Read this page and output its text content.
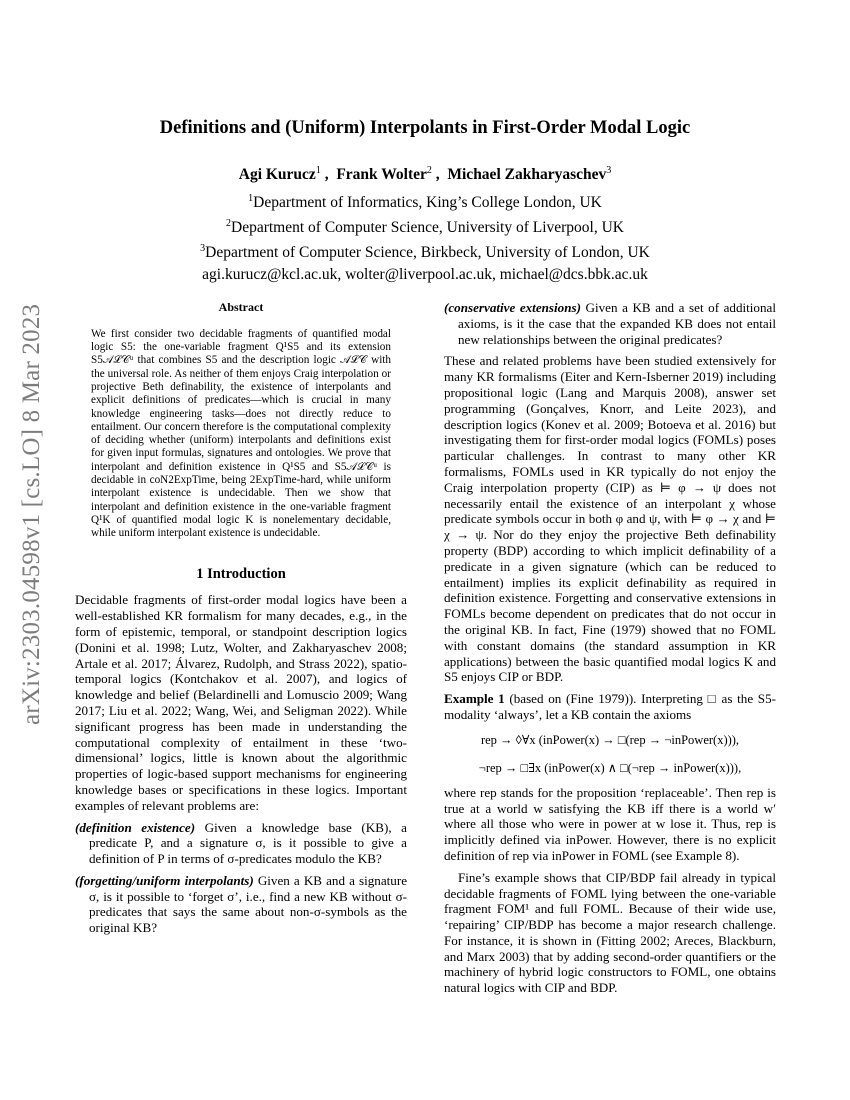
arXiv:2303.04598v1 [cs.LO] 8 Mar 2023
Definitions and (Uniform) Interpolants in First-Order Modal Logic
Agi Kurucz$^1$ ,  Frank Wolter$^2$ ,  Michael Zakharyaschev$^3$
$^1$Department of Informatics, King’s College London, UK
$^2$Department of Computer Science, University of Liverpool, UK
$^3$Department of Computer Science, Birkbeck, University of London, UK
agi.kurucz@kcl.ac.uk, wolter@liverpool.ac.uk, michael@dcs.bbk.ac.uk
Abstract

We first consider two decidable fragments of quantified modal logic S5: the one-variable fragment Q¹S5 and its extension S5𝒜ℒ𝒞ᵘ that combines S5 and the description logic 𝒜ℒ𝒞 with the universal role. As neither of them enjoys Craig interpolation or projective Beth definability, the existence of interpolants and explicit definitions of predicates—which is crucial in many knowledge engineering tasks—does not directly reduce to entailment. Our concern therefore is the computational complexity of deciding whether (uniform) interpolants and definitions exist for given input formulas, signatures and ontologies. We prove that interpolant and definition existence in Q¹S5 and S5𝒜ℒ𝒞ᵘ is decidable in coN2ExpTime, being 2ExpTime-hard, while uniform interpolant existence is undecidable. Then we show that interpolant and definition existence in the one-variable fragment Q¹K of quantified modal logic K is nonelementary decidable, while uniform interpolant existence is undecidable.

1 Introduction

Decidable fragments of first-order modal logics have been a well-established KR formalism for many decades, e.g., in the form of epistemic, temporal, or standpoint description logics (Donini et al. 1998; Lutz, Wolter, and Zakharyaschev 2008; Artale et al. 2017; Álvarez, Rudolph, and Strass 2022), spatio-temporal logics (Kontchakov et al. 2007), and logics of knowledge and belief (Belardinelli and Lomuscio 2009; Wang 2017; Liu et al. 2022; Wang, Wei, and Seligman 2022). While significant progress has been made in understanding the computational complexity of entailment in these ‘two-dimensional’ logics, little is known about the algorithmic properties of logic-based support mechanisms for engineering knowledge bases or specifications in these logics. Important examples of relevant problems are:

(definition existence) Given a knowledge base (KB), a predicate P, and a signature σ, is it possible to give a definition of P in terms of σ-predicates modulo the KB?
(forgetting/uniform interpolants) Given a KB and a signature σ, is it possible to ‘forget σ’, i.e., find a new KB without σ-predicates that says the same about non-σ-symbols as the original KB?
(conservative extensions) Given a KB and a set of additional axioms, is it the case that the expanded KB does not entail new relationships between the original predicates?

These and related problems have been studied extensively for many KR formalisms (Eiter and Kern-Isberner 2019) including propositional logic (Lang and Marquis 2008), answer set programming (Gonçalves, Knorr, and Leite 2023), and description logics (Konev et al. 2009; Botoeva et al. 2016) but investigating them for first-order modal logics (FOMLs) poses particular challenges. In contrast to many other KR formalisms, FOMLs used in KR typically do not enjoy the Craig interpolation property (CIP) as ⊨ φ → ψ does not necessarily entail the existence of an interpolant χ whose predicate symbols occur in both φ and ψ, with ⊨ φ → χ and ⊨ χ → ψ. Nor do they enjoy the projective Beth definability property (BDP) according to which implicit definability of a predicate in a given signature (which can be reduced to entailment) implies its explicit definability as required in definition existence. Forgetting and conservative extensions in FOMLs become dependent on predicates that do not occur in the original KB. In fact, Fine (1979) showed that no FOML with constant domains (the standard assumption in KR applications) between the basic quantified modal logics K and S5 enjoys CIP or BDP.

Example 1 (based on (Fine 1979)). Interpreting □ as the S5-modality ‘always’, let a KB contain the axioms

rep → ◊∀x (inPower(x) → □(rep → ¬inPower(x))),
¬rep → □∃x (inPower(x) ∧ □(¬rep → inPower(x))),

where rep stands for the proposition ‘replaceable’. Then rep is true at a world w satisfying the KB iff there is a world w′ where all those who were in power at w lose it. Thus, rep is implicitly defined via inPower. However, there is no explicit definition of rep via inPower in FOML (see Example 8).

Fine’s example shows that CIP/BDP fail already in typical decidable fragments of FOML lying between the one-variable fragment FOM¹ and full FOML. Because of their wide use, ‘repairing’ CIP/BDP has become a major research challenge. For instance, it is shown in (Fitting 2002; Areces, Blackburn, and Marx 2003) that by adding second-order quantifiers or the machinery of hybrid logic constructors to FOML, one obtains natural logics with CIP and BDP.
